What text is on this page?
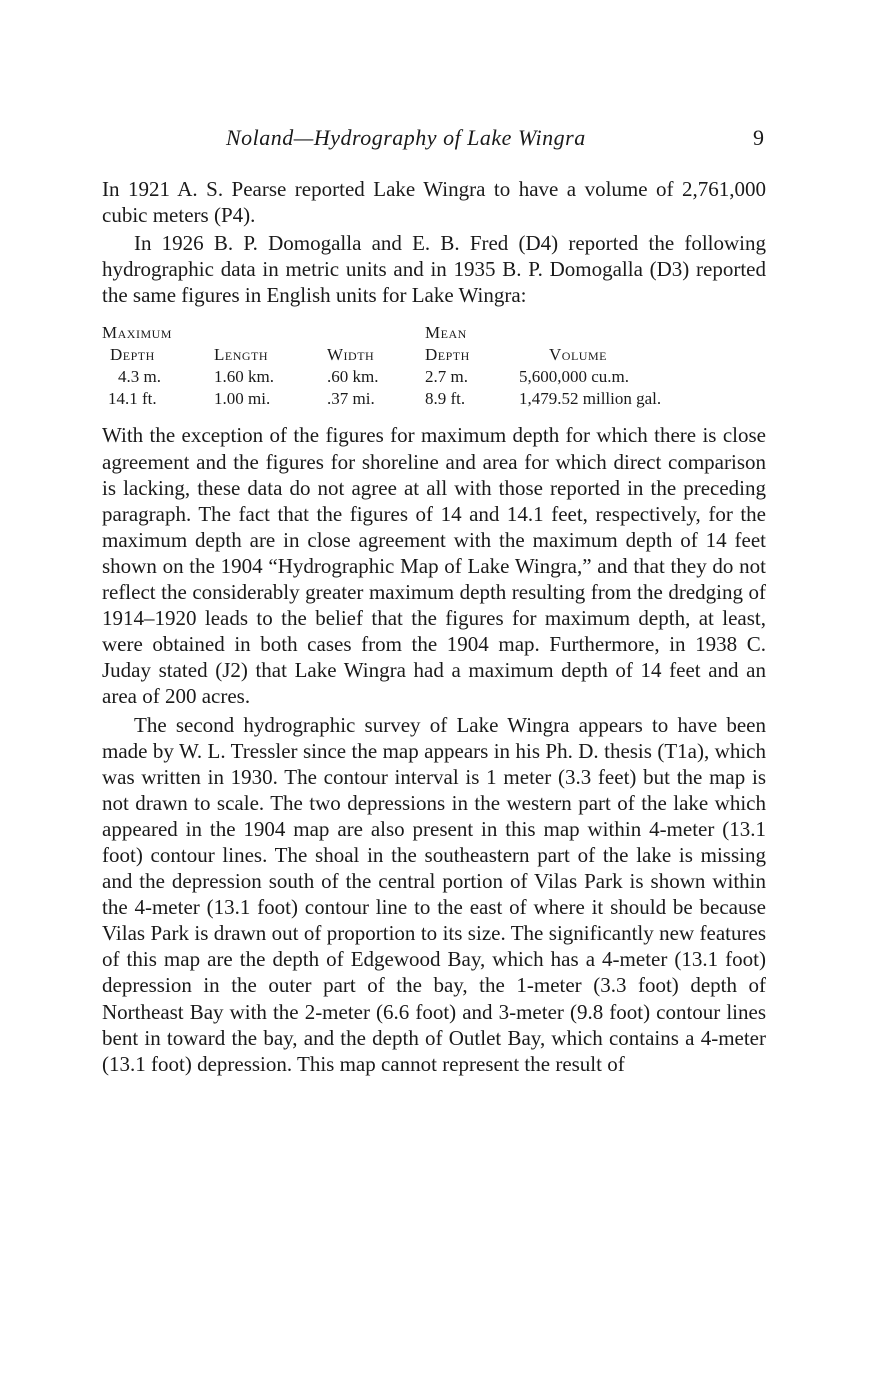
Noland—Hydrography of Lake Wingra	9

In 1921 A. S. Pearse reported Lake Wingra to have a volume of 2,761,000 cubic meters (P4).

In 1926 B. P. Domogalla and E. B. Fred (D4) reported the following hydrographic data in metric units and in 1935 B. P. Domogalla (D3) reported the same figures in English units for Lake Wingra:

Maximum			Mean	
Depth	Length	Width	Depth	Volume
4.3 m.	1.60 km.	.60 km.	2.7 m.	5,600,000 cu.m.
14.1 ft.	1.00 mi.	.37 mi.	8.9 ft.	1,479.52 million gal.

With the exception of the figures for maximum depth for which there is close agreement and the figures for shoreline and area for which direct comparison is lacking, these data do not agree at all with those reported in the preceding paragraph. The fact that the figures of 14 and 14.1 feet, respectively, for the maximum depth are in close agreement with the maximum depth of 14 feet shown on the 1904 “Hydrographic Map of Lake Wingra,” and that they do not reflect the considerably greater maximum depth resulting from the dredging of 1914–1920 leads to the belief that the figures for maximum depth, at least, were obtained in both cases from the 1904 map. Furthermore, in 1938 C. Juday stated (J2) that Lake Wingra had a maximum depth of 14 feet and an area of 200 acres.

The second hydrographic survey of Lake Wingra appears to have been made by W. L. Tressler since the map appears in his Ph. D. thesis (T1a), which was written in 1930. The contour interval is 1 meter (3.3 feet) but the map is not drawn to scale. The two depressions in the western part of the lake which appeared in the 1904 map are also present in this map within 4-meter (13.1 foot) contour lines. The shoal in the southeastern part of the lake is missing and the depression south of the central portion of Vilas Park is shown within the 4-meter (13.1 foot) contour line to the east of where it should be because Vilas Park is drawn out of proportion to its size. The significantly new features of this map are the depth of Edgewood Bay, which has a 4-meter (13.1 foot) depression in the outer part of the bay, the 1-meter (3.3 foot) depth of Northeast Bay with the 2-meter (6.6 foot) and 3-meter (9.8 foot) contour lines bent in toward the bay, and the depth of Outlet Bay, which contains a 4-meter (13.1 foot) depression. This map cannot represent the result of
